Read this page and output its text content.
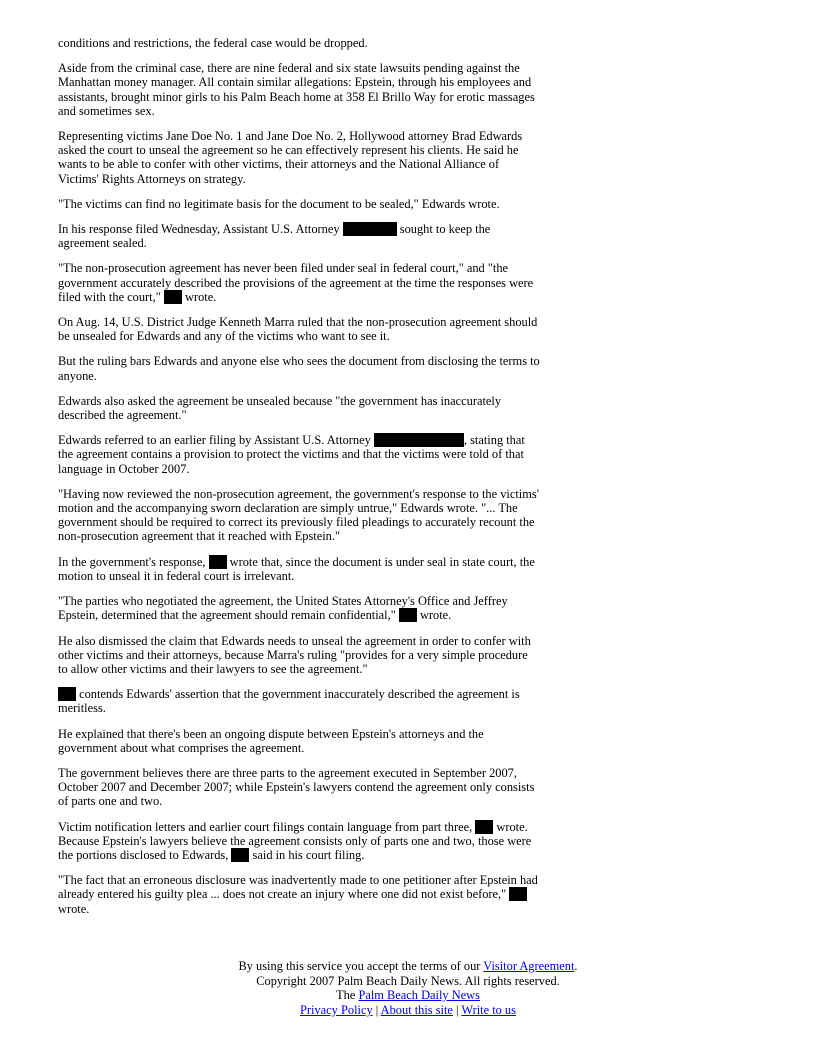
conditions and restrictions, the federal case would be dropped.

Aside from the criminal case, there are nine federal and six state lawsuits pending against the Manhattan money manager. All contain similar allegations: Epstein, through his employees and assistants, brought minor girls to his Palm Beach home at 358 El Brillo Way for erotic massages and sometimes sex.

Representing victims Jane Doe No. 1 and Jane Doe No. 2, Hollywood attorney Brad Edwards asked the court to unseal the agreement so he can effectively represent his clients. He said he wants to be able to confer with other victims, their attorneys and the National Alliance of Victims' Rights Attorneys on strategy.

"The victims can find no legitimate basis for the document to be sealed," Edwards wrote.

In his response filed Wednesday, Assistant U.S. Attorney	sought to keep the agreement sealed.

"The non-prosecution agreement has never been filed under seal in federal court," and "the government accurately described the provisions of the agreement at the time the responses were filed with the court,"  wrote.

On Aug. 14, U.S. District Judge Kenneth Marra ruled that the non-prosecution agreement should be unsealed for Edwards and any of the victims who want to see it.

But the ruling bars Edwards and anyone else who sees the document from disclosing the terms to anyone.

Edwards also asked the agreement be unsealed because "the government has inaccurately described the agreement."

Edwards referred to an earlier filing by Assistant U.S. Attorney	, stating that the agreement contains a provision to protect the victims and that the victims were told of that language in October 2007.

"Having now reviewed the non-prosecution agreement, the government's response to the victims' motion and the accompanying sworn declaration are simply untrue," Edwards wrote. "... The government should be required to correct its previously filed pleadings to accurately recount the non-prosecution agreement that it reached with Epstein."

In the government's response,  wrote that, since the document is under seal in state court, the motion to unseal it in federal court is irrelevant.

"The parties who negotiated the agreement, the United States Attorney's Office and Jeffrey Epstein, determined that the agreement should remain confidential,"  wrote.

He also dismissed the claim that Edwards needs to unseal the agreement in order to confer with other victims and their attorneys, because Marra's ruling "provides for a very simple procedure to allow other victims and their lawyers to see the agreement."

contends Edwards' assertion that the government inaccurately described the agreement is meritless.

He explained that there's been an ongoing dispute between Epstein's attorneys and the government about what comprises the agreement.

The government believes there are three parts to the agreement executed in September 2007, October 2007 and December 2007; while Epstein's lawyers contend the agreement only consists of parts one and two.

Victim notification letters and earlier court filings contain language from part three,  wrote. Because Epstein's lawyers believe the agreement consists only of parts one and two, those were the portions disclosed to Edwards,  said in his court filing.

"The fact that an erroneous disclosure was inadvertently made to one petitioner after Epstein had already entered his guilty plea ... does not create an injury where one did not exist before,"  wrote.

By using this service you accept the terms of our Visitor Agreement.
Copyright 2007 Palm Beach Daily News. All rights reserved.
The Palm Beach Daily News
Privacy Policy | About this site | Write to us
